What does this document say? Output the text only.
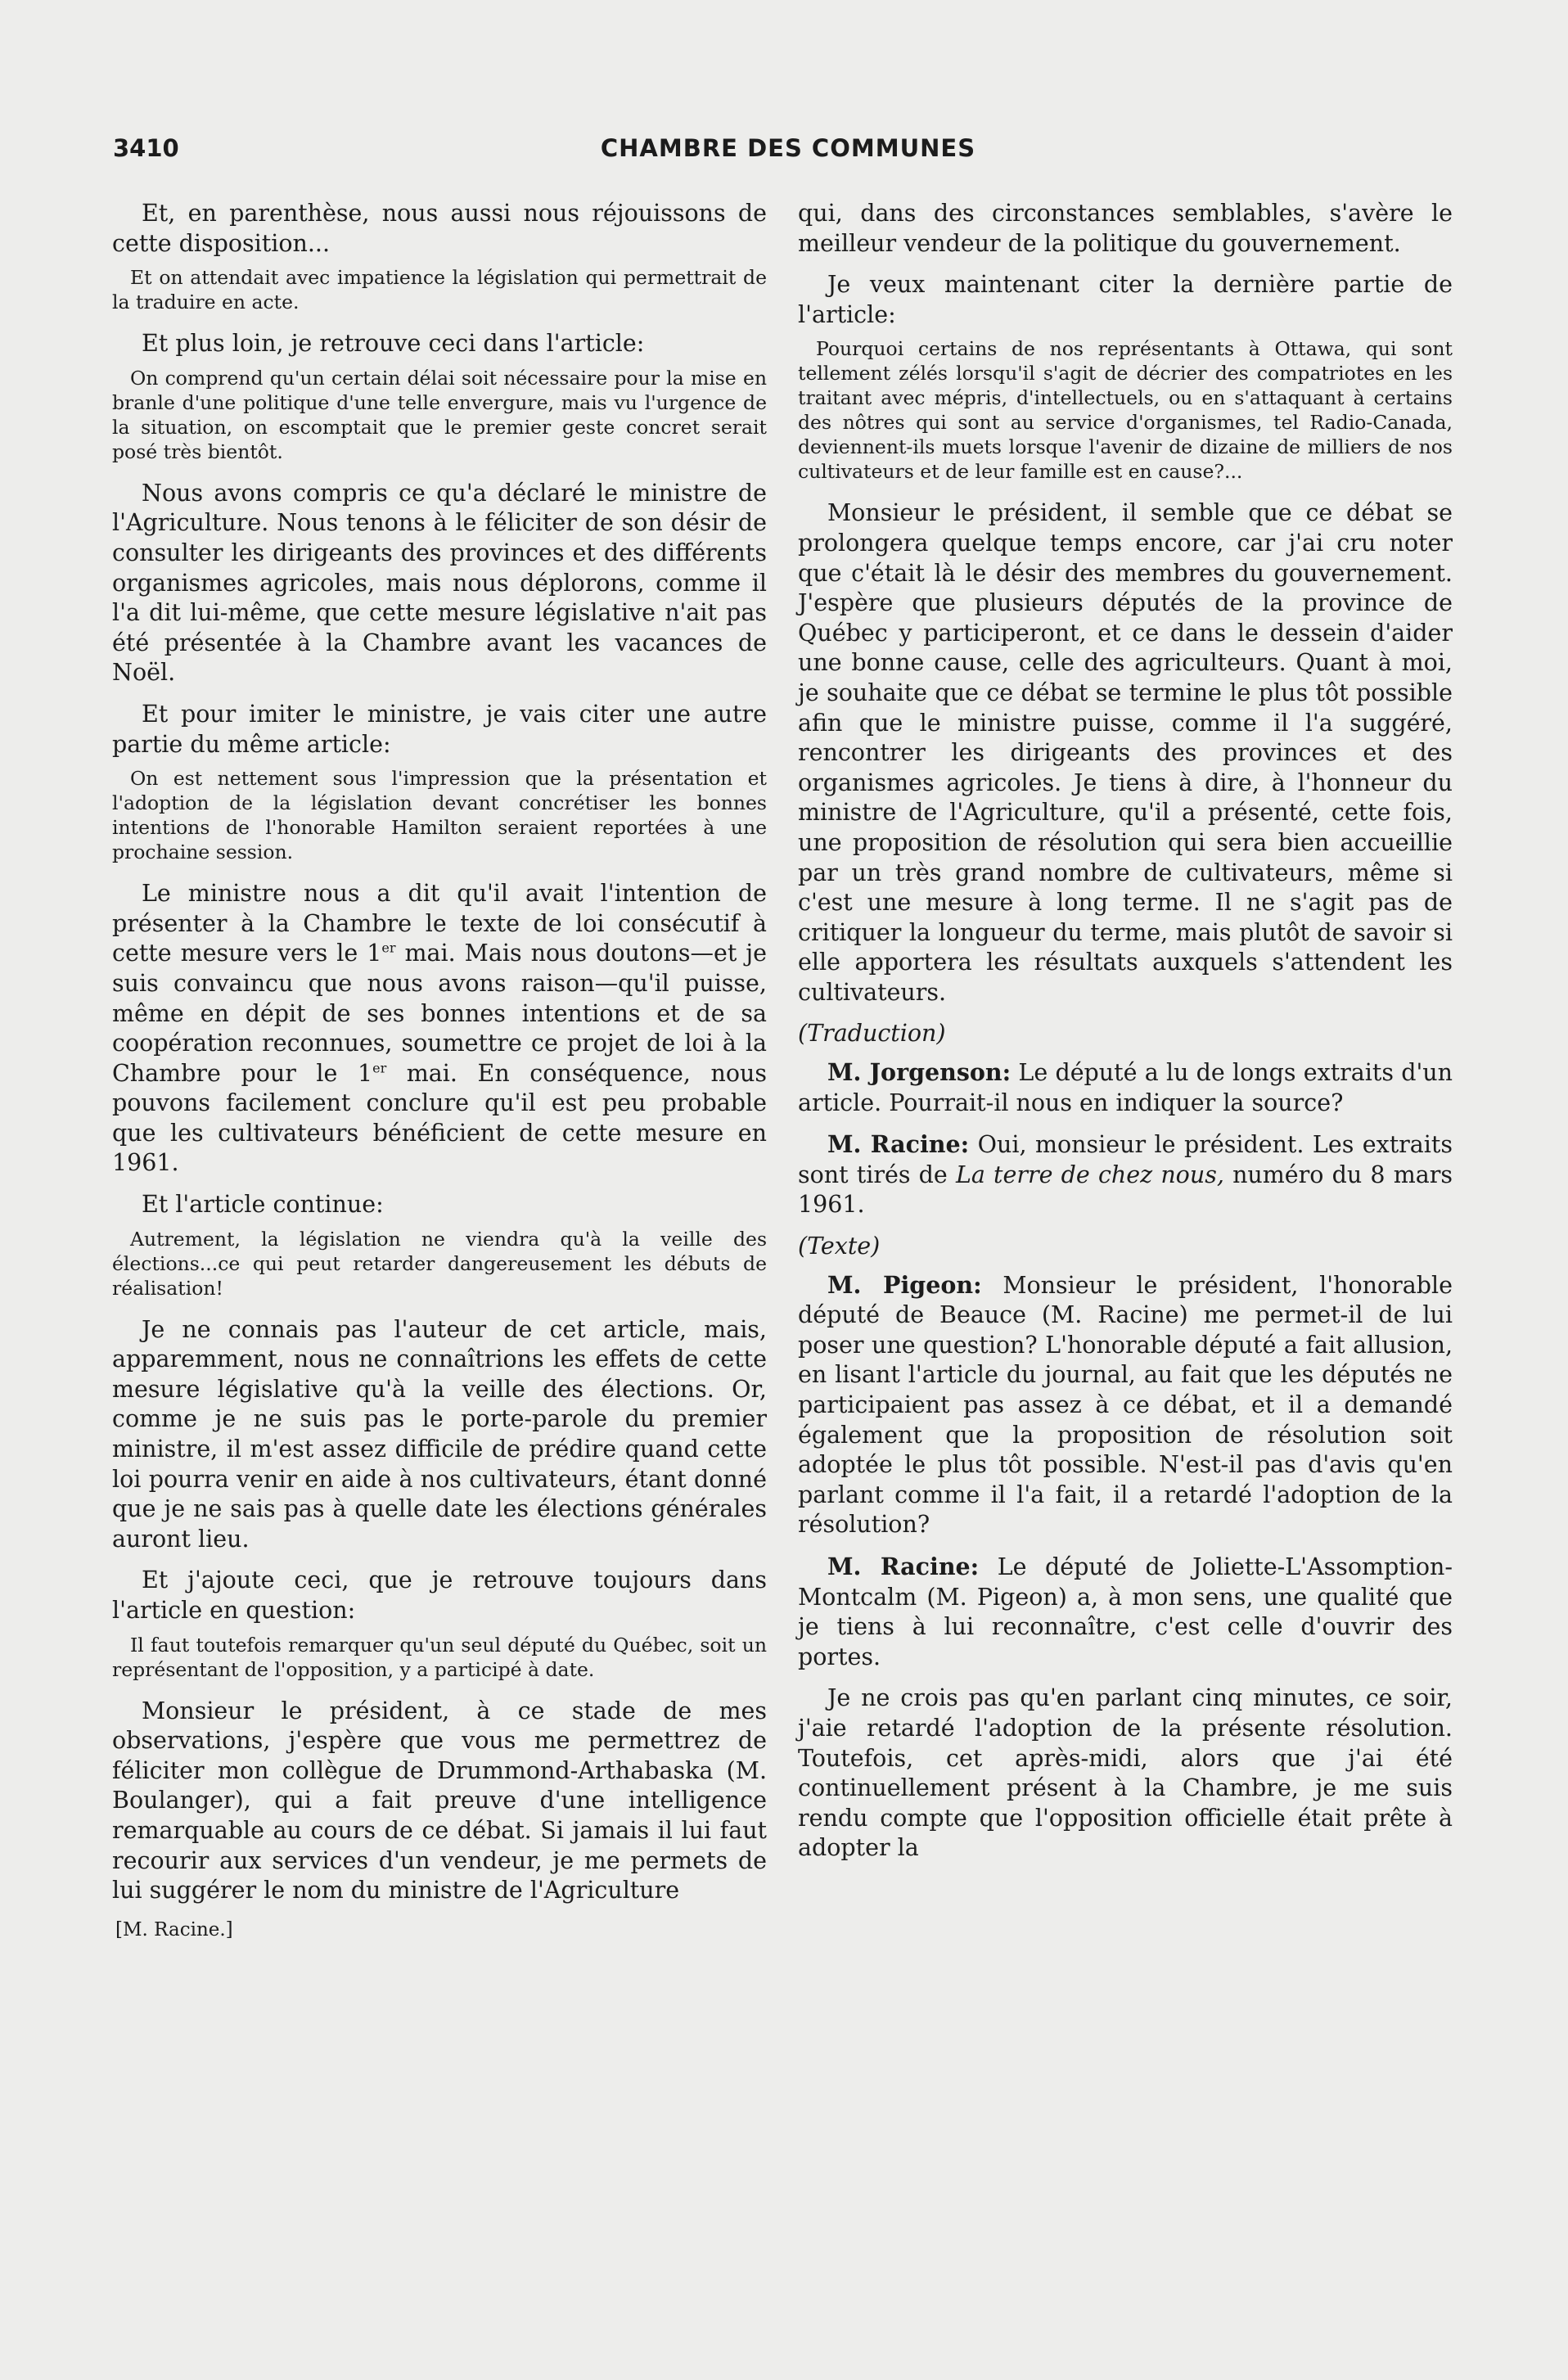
3410	CHAMBRE DES COMMUNES

Et, en parenthèse, nous aussi nous réjouissons de cette disposition...

Et on attendait avec impatience la législation qui permettrait de la traduire en acte.

Et plus loin, je retrouve ceci dans l'article:

On comprend qu'un certain délai soit nécessaire pour la mise en branle d'une politique d'une telle envergure, mais vu l'urgence de la situation, on escomptait que le premier geste concret serait posé très bientôt.

Nous avons compris ce qu'a déclaré le ministre de l'Agriculture. Nous tenons à le féliciter de son désir de consulter les dirigeants des provinces et des différents organismes agricoles, mais nous déplorons, comme il l'a dit lui-même, que cette mesure législative n'ait pas été présentée à la Chambre avant les vacances de Noël.

Et pour imiter le ministre, je vais citer une autre partie du même article:

On est nettement sous l'impression que la présentation et l'adoption de la législation devant concrétiser les bonnes intentions de l'honorable Hamilton seraient reportées à une prochaine session.

Le ministre nous a dit qu'il avait l'intention de présenter à la Chambre le texte de loi consécutif à cette mesure vers le 1er mai. Mais nous doutons—et je suis convaincu que nous avons raison—qu'il puisse, même en dépit de ses bonnes intentions et de sa coopération reconnues, soumettre ce projet de loi à la Chambre pour le 1er mai. En conséquence, nous pouvons facilement conclure qu'il est peu probable que les cultivateurs bénéficient de cette mesure en 1961.

Et l'article continue:

Autrement, la législation ne viendra qu'à la veille des élections...ce qui peut retarder dangereusement les débuts de réalisation!

Je ne connais pas l'auteur de cet article, mais, apparemment, nous ne connaîtrions les effets de cette mesure législative qu'à la veille des élections. Or, comme je ne suis pas le porte-parole du premier ministre, il m'est assez difficile de prédire quand cette loi pourra venir en aide à nos cultivateurs, étant donné que je ne sais pas à quelle date les élections générales auront lieu.

Et j'ajoute ceci, que je retrouve toujours dans l'article en question:

Il faut toutefois remarquer qu'un seul député du Québec, soit un représentant de l'opposition, y a participé à date.

Monsieur le président, à ce stade de mes observations, j'espère que vous me permettrez de féliciter mon collègue de Drummond-Arthabaska (M. Boulanger), qui a fait preuve d'une intelligence remarquable au cours de ce débat. Si jamais il lui faut recourir aux services d'un vendeur, je me permets de lui suggérer le nom du ministre de l'Agriculture

[M. Racine.]

qui, dans des circonstances semblables, s'avère le meilleur vendeur de la politique du gouvernement.

Je veux maintenant citer la dernière partie de l'article:

Pourquoi certains de nos représentants à Ottawa, qui sont tellement zélés lorsqu'il s'agit de décrier des compatriotes en les traitant avec mépris, d'intellectuels, ou en s'attaquant à certains des nôtres qui sont au service d'organismes, tel Radio-Canada, deviennent-ils muets lorsque l'avenir de dizaine de milliers de nos cultivateurs et de leur famille est en cause?...

Monsieur le président, il semble que ce débat se prolongera quelque temps encore, car j'ai cru noter que c'était là le désir des membres du gouvernement. J'espère que plusieurs députés de la province de Québec y participeront, et ce dans le dessein d'aider une bonne cause, celle des agriculteurs. Quant à moi, je souhaite que ce débat se termine le plus tôt possible afin que le ministre puisse, comme il l'a suggéré, rencontrer les dirigeants des provinces et des organismes agricoles. Je tiens à dire, à l'honneur du ministre de l'Agriculture, qu'il a présenté, cette fois, une proposition de résolution qui sera bien accueillie par un très grand nombre de cultivateurs, même si c'est une mesure à long terme. Il ne s'agit pas de critiquer la longueur du terme, mais plutôt de savoir si elle apportera les résultats auxquels s'attendent les cultivateurs.

(Traduction)

M. Jorgenson: Le député a lu de longs extraits d'un article. Pourrait-il nous en indiquer la source?

M. Racine: Oui, monsieur le président. Les extraits sont tirés de La terre de chez nous, numéro du 8 mars 1961.

(Texte)

M. Pigeon: Monsieur le président, l'honorable député de Beauce (M. Racine) me permet-il de lui poser une question? L'honorable député a fait allusion, en lisant l'article du journal, au fait que les députés ne participaient pas assez à ce débat, et il a demandé également que la proposition de résolution soit adoptée le plus tôt possible. N'est-il pas d'avis qu'en parlant comme il l'a fait, il a retardé l'adoption de la résolution?

M. Racine: Le député de Joliette-L'Assomption-Montcalm (M. Pigeon) a, à mon sens, une qualité que je tiens à lui reconnaître, c'est celle d'ouvrir des portes.

Je ne crois pas qu'en parlant cinq minutes, ce soir, j'aie retardé l'adoption de la présente résolution. Toutefois, cet après-midi, alors que j'ai été continuellement présent à la Chambre, je me suis rendu compte que l'opposition officielle était prête à adopter la
